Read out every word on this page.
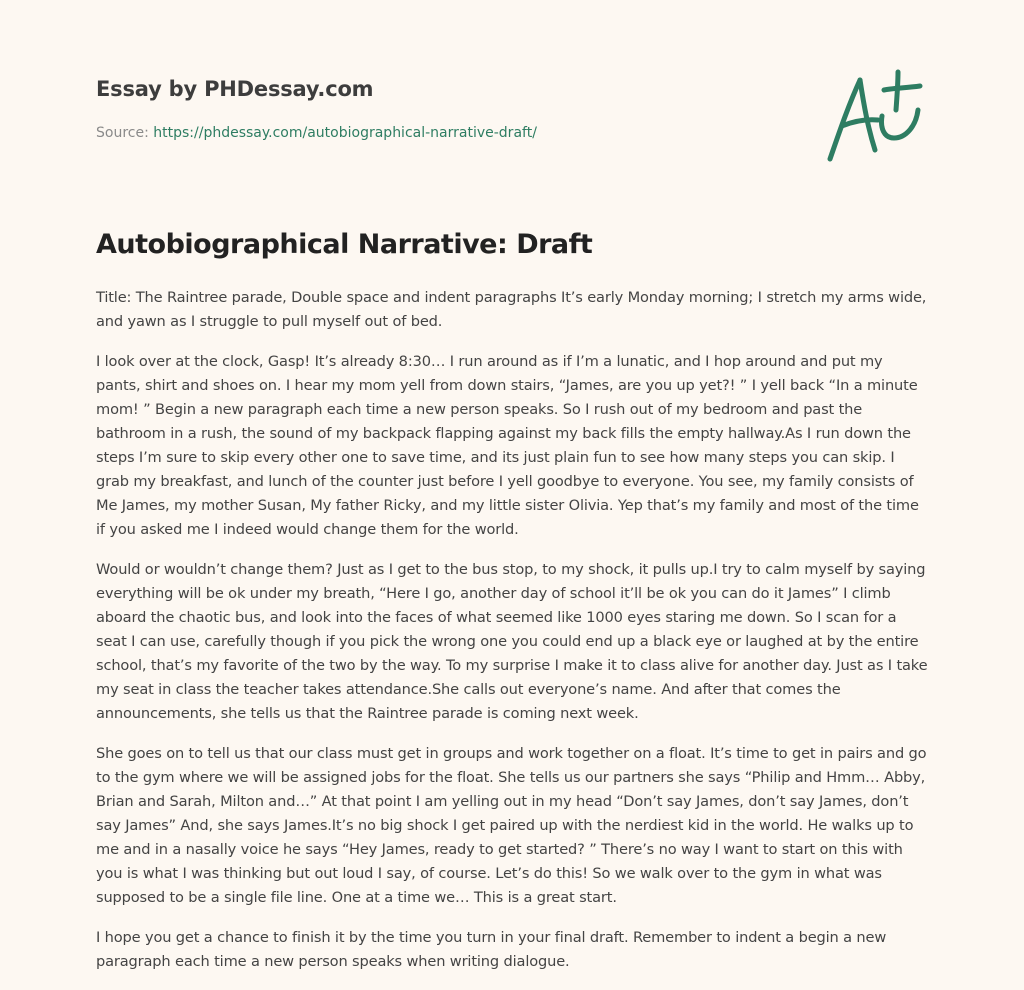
Essay by PHDessay.com
Source: https://phdessay.com/autobiographical-narrative-draft/
Autobiographical Narrative: Draft

Title: The Raintree parade, Double space and indent paragraphs It’s early Monday morning; I stretch my arms wide, and yawn as I struggle to pull myself out of bed.

I look over at the clock, Gasp! It’s already 8:30… I run around as if I’m a lunatic, and I hop around and put my pants, shirt and shoes on. I hear my mom yell from down stairs, “James, are you up yet?! ” I yell back “In a minute mom! ” Begin a new paragraph each time a new person speaks. So I rush out of my bedroom and past the bathroom in a rush, the sound of my backpack flapping against my back fills the empty hallway.As I run down the steps I’m sure to skip every other one to save time, and its just plain fun to see how many steps you can skip. I grab my breakfast, and lunch of the counter just before I yell goodbye to everyone. You see, my family consists of Me James, my mother Susan, My father Ricky, and my little sister Olivia. Yep that’s my family and most of the time if you asked me I indeed would change them for the world.

Would or wouldn’t change them? Just as I get to the bus stop, to my shock, it pulls up.I try to calm myself by saying everything will be ok under my breath, “Here I go, another day of school it’ll be ok you can do it James” I climb aboard the chaotic bus, and look into the faces of what seemed like 1000 eyes staring me down. So I scan for a seat I can use, carefully though if you pick the wrong one you could end up a black eye or laughed at by the entire school, that’s my favorite of the two by the way. To my surprise I make it to class alive for another day. Just as I take my seat in class the teacher takes attendance.She calls out everyone’s name. And after that comes the announcements, she tells us that the Raintree parade is coming next week.

She goes on to tell us that our class must get in groups and work together on a float. It’s time to get in pairs and go to the gym where we will be assigned jobs for the float. She tells us our partners she says “Philip and Hmm… Abby, Brian and Sarah, Milton and…” At that point I am yelling out in my head “Don’t say James, don’t say James, don’t say James” And, she says James.It’s no big shock I get paired up with the nerdiest kid in the world. He walks up to me and in a nasally voice he says “Hey James, ready to get started? ” There’s no way I want to start on this with you is what I was thinking but out loud I say, of course. Let’s do this! So we walk over to the gym in what was supposed to be a single file line. One at a time we… This is a great start.

I hope you get a chance to finish it by the time you turn in your final draft. Remember to indent a begin a new paragraph each time a new person speaks when writing dialogue.
